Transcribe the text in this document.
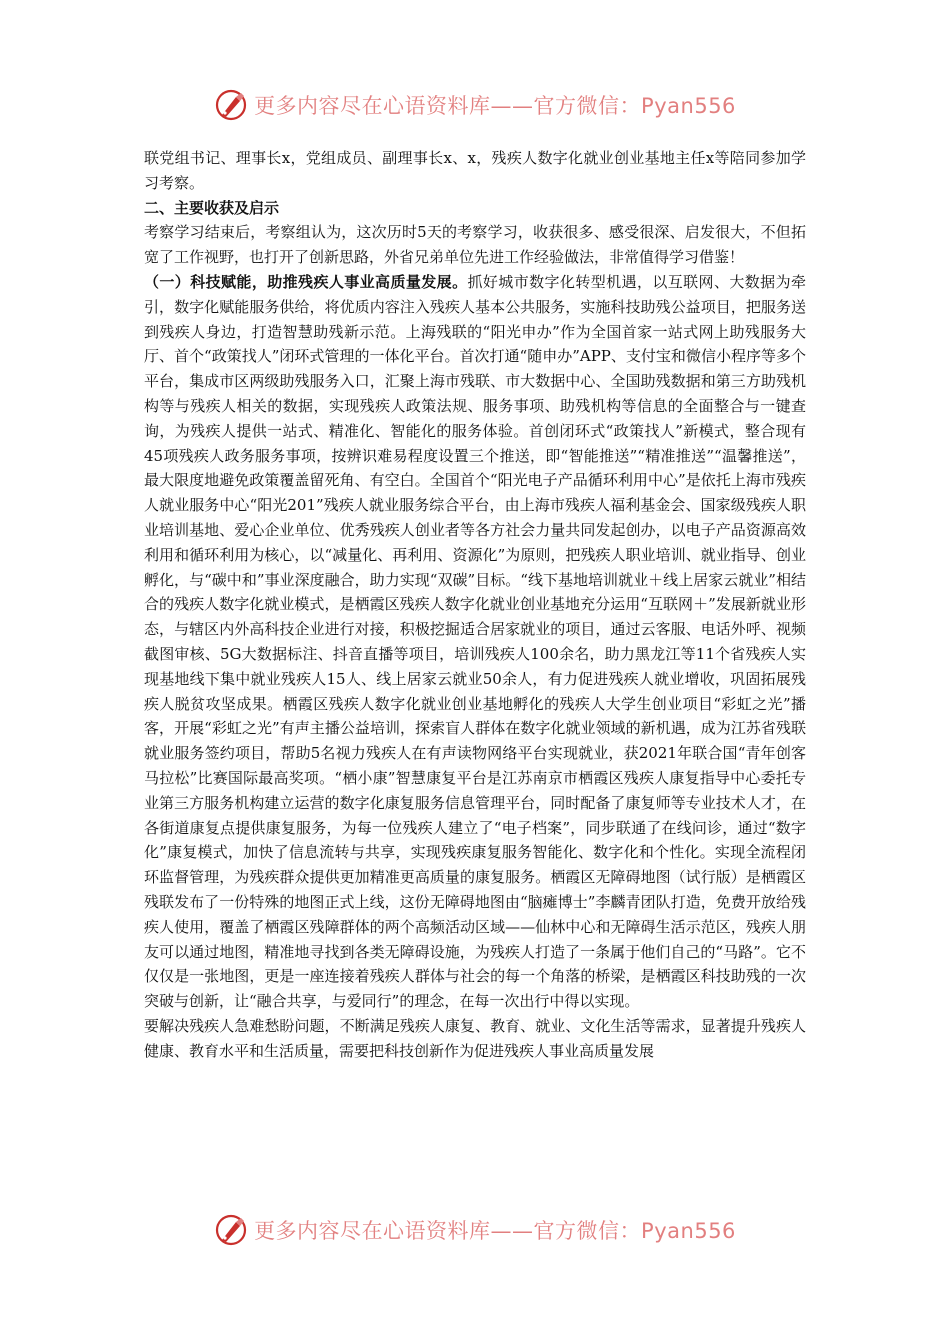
更多内容尽在心语资料库——官方微信：Pyan556

联党组书记、理事长x，党组成员、副理事长x、x，残疾人数字化就业创业基地主任x等陪同参加学习考察。

二、主要收获及启示

考察学习结束后，考察组认为，这次历时5天的考察学习，收获很多、感受很深、启发很大，不但拓宽了工作视野，也打开了创新思路，外省兄弟单位先进工作经验做法，非常值得学习借鉴！

（一）科技赋能，助推残疾人事业高质量发展。抓好城市数字化转型机遇，以互联网、大数据为牵引，数字化赋能服务供给，将优质内容注入残疾人基本公共服务，实施科技助残公益项目，把服务送到残疾人身边，打造智慧助残新示范。上海残联的“阳光申办”作为全国首家一站式网上助残服务大厅、首个“政策找人”闭环式管理的一体化平台。首次打通“随申办”APP、支付宝和微信小程序等多个平台，集成市区两级助残服务入口，汇聚上海市残联、市大数据中心、全国助残数据和第三方助残机构等与残疾人相关的数据，实现残疾人政策法规、服务事项、助残机构等信息的全面整合与一键查询，为残疾人提供一站式、精准化、智能化的服务体验。首创闭环式“政策找人”新模式，整合现有45项残疾人政务服务事项，按辨识难易程度设置三个推送，即“智能推送”“精准推送”“温馨推送”，最大限度地避免政策覆盖留死角、有空白。全国首个“阳光电子产品循环利用中心”是依托上海市残疾人就业服务中心“阳光201”残疾人就业服务综合平台，由上海市残疾人福利基金会、国家级残疾人职业培训基地、爱心企业单位、优秀残疾人创业者等各方社会力量共同发起创办，以电子产品资源高效利用和循环利用为核心，以“减量化、再利用、资源化”为原则，把残疾人职业培训、就业指导、创业孵化，与“碳中和”事业深度融合，助力实现“双碳”目标。“线下基地培训就业＋线上居家云就业”相结合的残疾人数字化就业模式，是栖霞区残疾人数字化就业创业基地充分运用“互联网＋”发展新就业形态，与辖区内外高科技企业进行对接，积极挖掘适合居家就业的项目，通过云客服、电话外呼、视频截图审核、5G大数据标注、抖音直播等项目，培训残疾人100余名，助力黑龙江等11个省残疾人实现基地线下集中就业残疾人15人、线上居家云就业50余人，有力促进残疾人就业增收，巩固拓展残疾人脱贫攻坚成果。栖霞区残疾人数字化就业创业基地孵化的残疾人大学生创业项目“彩虹之光”播客，开展“彩虹之光”有声主播公益培训，探索盲人群体在数字化就业领域的新机遇，成为江苏省残联就业服务签约项目，帮助5名视力残疾人在有声读物网络平台实现就业，获2021年联合国“青年创客马拉松”比赛国际最高奖项。“栖小康”智慧康复平台是江苏南京市栖霞区残疾人康复指导中心委托专业第三方服务机构建立运营的数字化康复服务信息管理平台，同时配备了康复师等专业技术人才，在各街道康复点提供康复服务，为每一位残疾人建立了“电子档案”，同步联通了在线问诊，通过“数字化”康复模式，加快了信息流转与共享，实现残疾康复服务智能化、数字化和个性化。实现全流程闭环监督管理，为残疾群众提供更加精准更高质量的康复服务。栖霞区无障碍地图（试行版）是栖霞区残联发布了一份特殊的地图正式上线，这份无障碍地图由“脑瘫博士”李麟青团队打造，免费开放给残疾人使用，覆盖了栖霞区残障群体的两个高频活动区域——仙林中心和无障碍生活示范区，残疾人朋友可以通过地图，精准地寻找到各类无障碍设施，为残疾人打造了一条属于他们自己的“马路”。它不仅仅是一张地图，更是一座连接着残疾人群体与社会的每一个角落的桥梁，是栖霞区科技助残的一次突破与创新，让“融合共享，与爱同行”的理念，在每一次出行中得以实现。

要解决残疾人急难愁盼问题，不断满足残疾人康复、教育、就业、文化生活等需求，显著提升残疾人健康、教育水平和生活质量，需要把科技创新作为促进残疾人事业高质量发展

更多内容尽在心语资料库——官方微信：Pyan556
